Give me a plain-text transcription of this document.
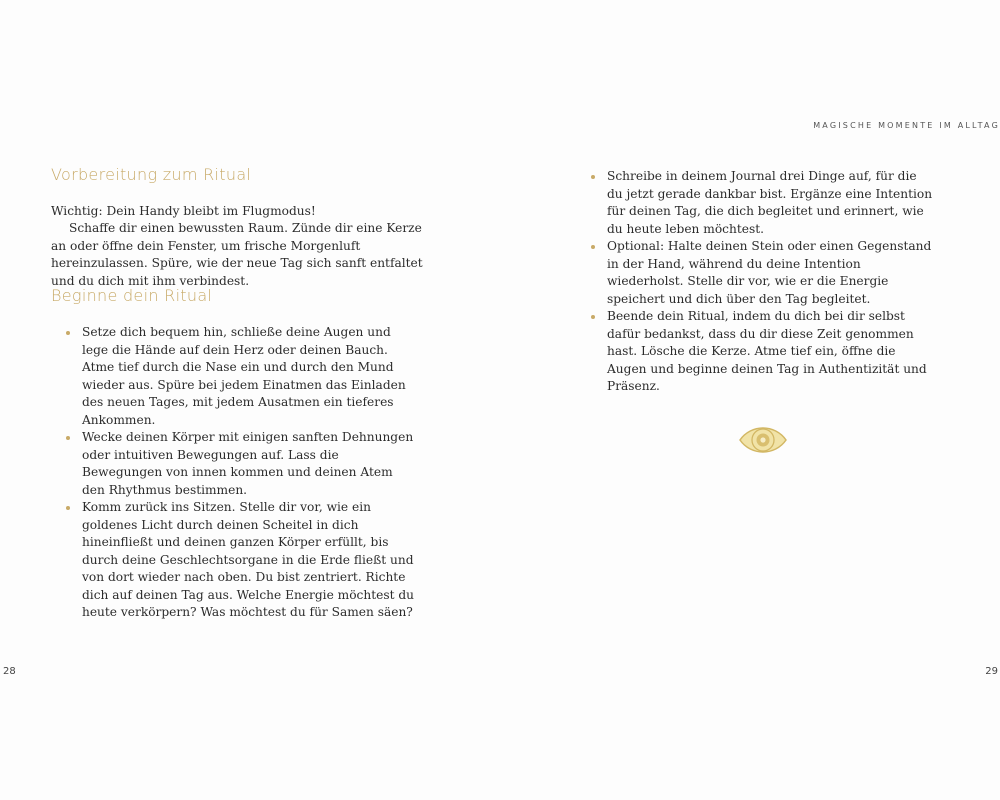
Vorbereitung zum Ritual

Wichtig: Dein Handy bleibt im Flugmodus!

Schaffe dir einen bewussten Raum. Zünde dir eine Kerze an oder öffne dein Fenster, um frische Morgenluft hereinzulassen. Spüre, wie der neue Tag sich sanft entfaltet und du dich mit ihm verbindest.

Beginne dein Ritual
Setze dich bequem hin, schließe deine Augen und lege die Hände auf dein Herz oder deinen Bauch. Atme tief durch die Nase ein und durch den Mund wieder aus. Spüre bei jedem Einatmen das Einladen des neuen Tages, mit jedem Ausatmen ein tieferes Ankommen.
Wecke deinen Körper mit einigen sanften Dehnungen oder intuitiven Bewegungen auf. Lass die Bewegungen von innen kommen und deinen Atem den Rhythmus bestimmen.
Komm zurück ins Sitzen. Stelle dir vor, wie ein goldenes Licht durch deinen Scheitel in dich hineinfließt und deinen ganzen Körper erfüllt, bis durch deine Geschlechtsorgane in die Erde fließt und von dort wieder nach oben. Du bist zentriert. Richte dich auf deinen Tag aus. Welche Energie möchtest du heute verkörpern? Was möchtest du für Samen säen?
28
MAGISCHE MOMENTE IM ALLTAG
Schreibe in deinem Journal drei Dinge auf, für die du jetzt gerade dankbar bist. Ergänze eine Intention für deinen Tag, die dich begleitet und erinnert, wie du heute leben möchtest.
Optional: Halte deinen Stein oder einen Gegenstand in der Hand, während du deine Intention wiederholst. Stelle dir vor, wie er die Energie speichert und dich über den Tag begleitet.
Beende dein Ritual, indem du dich bei dir selbst dafür bedankst, dass du dir diese Zeit genommen hast. Lösche die Kerze. Atme tief ein, öffne die Augen und beginne deinen Tag in Authentizität und Präsenz.
29
